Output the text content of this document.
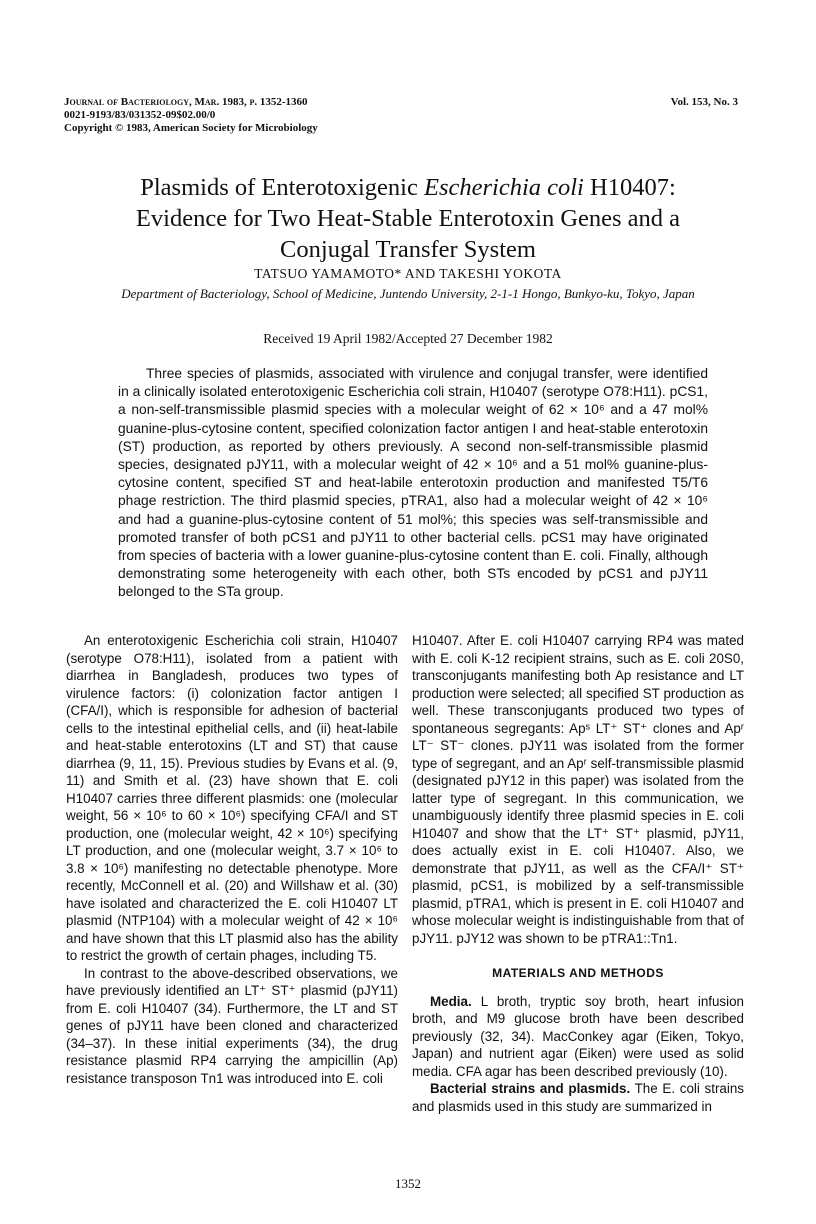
Journal of Bacteriology, Mar. 1983, p. 1352-1360
0021-9193/83/031352-09$02.00/0
Copyright © 1983, American Society for Microbiology
Vol. 153, No. 3
Plasmids of Enterotoxigenic Escherichia coli H10407:
Evidence for Two Heat-Stable Enterotoxin Genes and a
Conjugal Transfer System
TATSUO YAMAMOTO* AND TAKESHI YOKOTA
Department of Bacteriology, School of Medicine, Juntendo University, 2-1-1 Hongo, Bunkyo-ku, Tokyo, Japan
Received 19 April 1982/Accepted 27 December 1982

Three species of plasmids, associated with virulence and conjugal transfer, were identified in a clinically isolated enterotoxigenic Escherichia coli strain, H10407 (serotype O78:H11). pCS1, a non-self-transmissible plasmid species with a molecular weight of 62 × 10⁶ and a 47 mol% guanine-plus-cytosine content, specified colonization factor antigen I and heat-stable enterotoxin (ST) production, as reported by others previously. A second non-self-transmissible plasmid species, designated pJY11, with a molecular weight of 42 × 10⁶ and a 51 mol% guanine-plus-cytosine content, specified ST and heat-labile enterotoxin production and manifested T5/T6 phage restriction. The third plasmid species, pTRA1, also had a molecular weight of 42 × 10⁶ and had a guanine-plus-cytosine content of 51 mol%; this species was self-transmissible and promoted transfer of both pCS1 and pJY11 to other bacterial cells. pCS1 may have originated from species of bacteria with a lower guanine-plus-cytosine content than E. coli. Finally, although demonstrating some heterogeneity with each other, both STs encoded by pCS1 and pJY11 belonged to the STa group.

An enterotoxigenic Escherichia coli strain, H10407 (serotype O78:H11), isolated from a patient with diarrhea in Bangladesh, produces two types of virulence factors: (i) colonization factor antigen I (CFA/I), which is responsible for adhesion of bacterial cells to the intestinal epithelial cells, and (ii) heat-labile and heat-stable enterotoxins (LT and ST) that cause diarrhea (9, 11, 15). Previous studies by Evans et al. (9, 11) and Smith et al. (23) have shown that E. coli H10407 carries three different plasmids: one (molecular weight, 56 × 10⁶ to 60 × 10⁶) specifying CFA/I and ST production, one (molecular weight, 42 × 10⁶) specifying LT production, and one (molecular weight, 3.7 × 10⁶ to 3.8 × 10⁶) manifesting no detectable phenotype. More recently, McConnell et al. (20) and Willshaw et al. (30) have isolated and characterized the E. coli H10407 LT plasmid (NTP104) with a molecular weight of 42 × 10⁶ and have shown that this LT plasmid also has the ability to restrict the growth of certain phages, including T5.

In contrast to the above-described observations, we have previously identified an LT⁺ ST⁺ plasmid (pJY11) from E. coli H10407 (34). Furthermore, the LT and ST genes of pJY11 have been cloned and characterized (34–37). In these initial experiments (34), the drug resistance plasmid RP4 carrying the ampicillin (Ap) resistance transposon Tn1 was introduced into E. coli

H10407. After E. coli H10407 carrying RP4 was mated with E. coli K-12 recipient strains, such as E. coli 20S0, transconjugants manifesting both Ap resistance and LT production were selected; all specified ST production as well. These transconjugants produced two types of spontaneous segregants: Apˢ LT⁺ ST⁺ clones and Apʳ LT⁻ ST⁻ clones. pJY11 was isolated from the former type of segregant, and an Apʳ self-transmissible plasmid (designated pJY12 in this paper) was isolated from the latter type of segregant. In this communication, we unambiguously identify three plasmid species in E. coli H10407 and show that the LT⁺ ST⁺ plasmid, pJY11, does actually exist in E. coli H10407. Also, we demonstrate that pJY11, as well as the CFA/I⁺ ST⁺ plasmid, pCS1, is mobilized by a self-transmissible plasmid, pTRA1, which is present in E. coli H10407 and whose molecular weight is indistinguishable from that of pJY11. pJY12 was shown to be pTRA1::Tn1.

MATERIALS AND METHODS

Media. L broth, tryptic soy broth, heart infusion broth, and M9 glucose broth have been described previously (32, 34). MacConkey agar (Eiken, Tokyo, Japan) and nutrient agar (Eiken) were used as solid media. CFA agar has been described previously (10).

Bacterial strains and plasmids. The E. coli strains and plasmids used in this study are summarized in

1352
